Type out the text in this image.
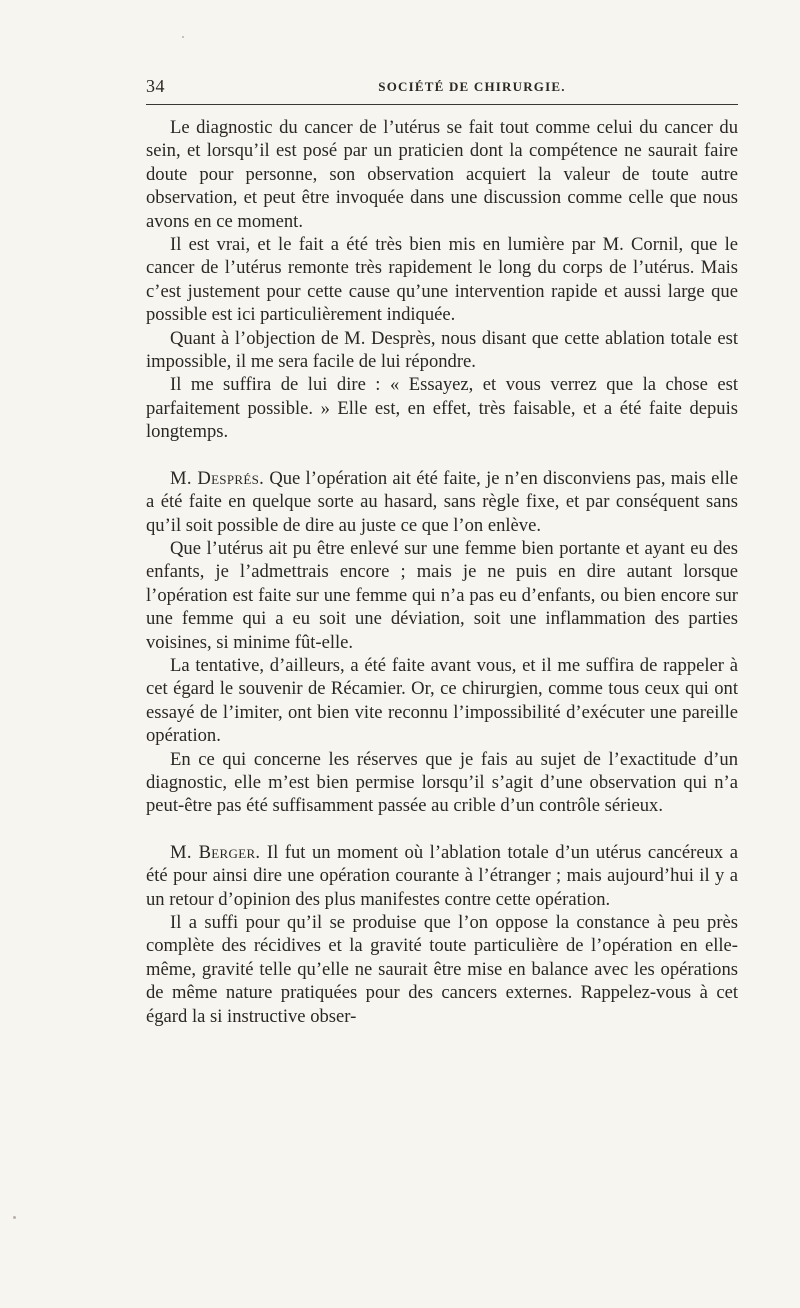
34	SOCIÉTÉ DE CHIRURGIE.

Le diagnostic du cancer de l’utérus se fait tout comme celui du cancer du sein, et lorsqu’il est posé par un praticien dont la compétence ne saurait faire doute pour personne, son observation acquiert la valeur de toute autre observation, et peut être invoquée dans une discussion comme celle que nous avons en ce moment.

Il est vrai, et le fait a été très bien mis en lumière par M. Cornil, que le cancer de l’utérus remonte très rapidement le long du corps de l’utérus. Mais c’est justement pour cette cause qu’une intervention rapide et aussi large que possible est ici particulièrement indiquée.

Quant à l’objection de M. Desprès, nous disant que cette ablation totale est impossible, il me sera facile de lui répondre.

Il me suffira de lui dire : « Essayez, et vous verrez que la chose est parfaitement possible. » Elle est, en effet, très faisable, et a été faite depuis longtemps.

M. Després. Que l’opération ait été faite, je n’en disconviens pas, mais elle a été faite en quelque sorte au hasard, sans règle fixe, et par conséquent sans qu’il soit possible de dire au juste ce que l’on enlève.

Que l’utérus ait pu être enlevé sur une femme bien portante et ayant eu des enfants, je l’admettrais encore ; mais je ne puis en dire autant lorsque l’opération est faite sur une femme qui n’a pas eu d’enfants, ou bien encore sur une femme qui a eu soit une déviation, soit une inflammation des parties voisines, si minime fût-elle.

La tentative, d’ailleurs, a été faite avant vous, et il me suffira de rappeler à cet égard le souvenir de Récamier. Or, ce chirurgien, comme tous ceux qui ont essayé de l’imiter, ont bien vite reconnu l’impossibilité d’exécuter une pareille opération.

En ce qui concerne les réserves que je fais au sujet de l’exactitude d’un diagnostic, elle m’est bien permise lorsqu’il s’agit d’une observation qui n’a peut-être pas été suffisamment passée au crible d’un contrôle sérieux.

M. Berger. Il fut un moment où l’ablation totale d’un utérus cancéreux a été pour ainsi dire une opération courante à l’étranger ; mais aujourd’hui il y a un retour d’opinion des plus manifestes contre cette opération.

Il a suffi pour qu’il se produise que l’on oppose la constance à peu près complète des récidives et la gravité toute particulière de l’opération en elle-même, gravité telle qu’elle ne saurait être mise en balance avec les opérations de même nature pratiquées pour des cancers externes. Rappelez-vous à cet égard la si instructive obser-
